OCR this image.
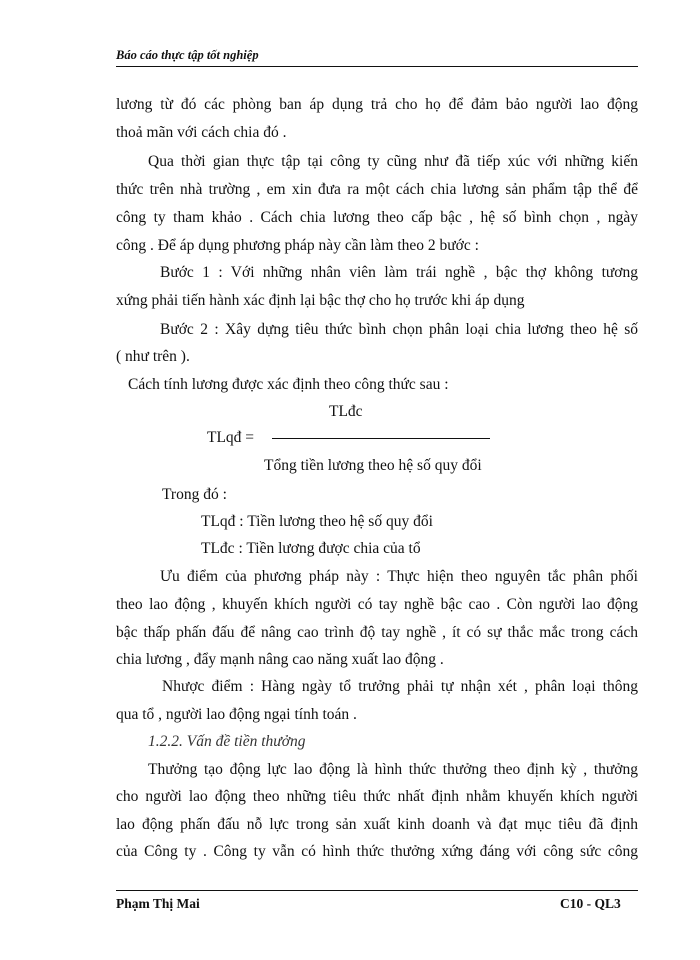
Báo cáo thực tập tốt nghiệp
lương từ đó các phòng ban áp dụng trả cho họ để đảm bảo người lao động
thoả mãn với cách chia đó .
Qua thời gian thực tập tại công ty cũng như đã tiếp xúc với những kiến
thức trên nhà trường , em xin đưa ra một cách chia lương sản phẩm tập thể để
công ty tham khảo . Cách chia lương theo cấp bậc , hệ số bình chọn , ngày
công . Để áp dụng phương pháp này cần làm theo 2 bước :
Bước 1 : Với những nhân viên làm trái nghề , bậc thợ không tương
xứng phải tiến hành xác định lại bậc thợ cho họ trước khi áp dụng
Bước 2 : Xây dựng tiêu thức bình chọn phân loại chia lương theo hệ số
( như trên ).
Cách tính lương được xác định theo công thức sau :
TLđc
TLqđ =
Tổng tiền lương theo hệ số quy đổi
Trong đó :
TLqđ : Tiền lương theo hệ số quy đổi
TLđc : Tiền lương được chia của tổ
Ưu điểm của phương pháp này : Thực hiện theo nguyên tắc phân phối
theo lao động , khuyến khích người có tay nghề bậc cao . Còn người lao động
bậc thấp phấn đấu để nâng cao trình độ tay nghề , ít có sự thắc mắc trong cách
chia lương , đẩy mạnh nâng cao năng xuất lao động .
Nhược điểm : Hàng ngày tổ trưởng phải tự nhận xét , phân loại thông
qua tổ , người lao động ngại tính toán .
1.2.2. Vấn đề tiền thưởng
Thưởng tạo động lực lao động là hình thức thưởng theo định kỳ , thưởng
cho người lao động theo những tiêu thức nhất định nhằm khuyến khích người
lao động phấn đấu nỗ lực trong sản xuất kinh doanh và đạt mục tiêu đã định
của Công ty . Công ty vẫn có hình thức thưởng xứng đáng với công sức công
Phạm Thị Mai	C10 - QL3
